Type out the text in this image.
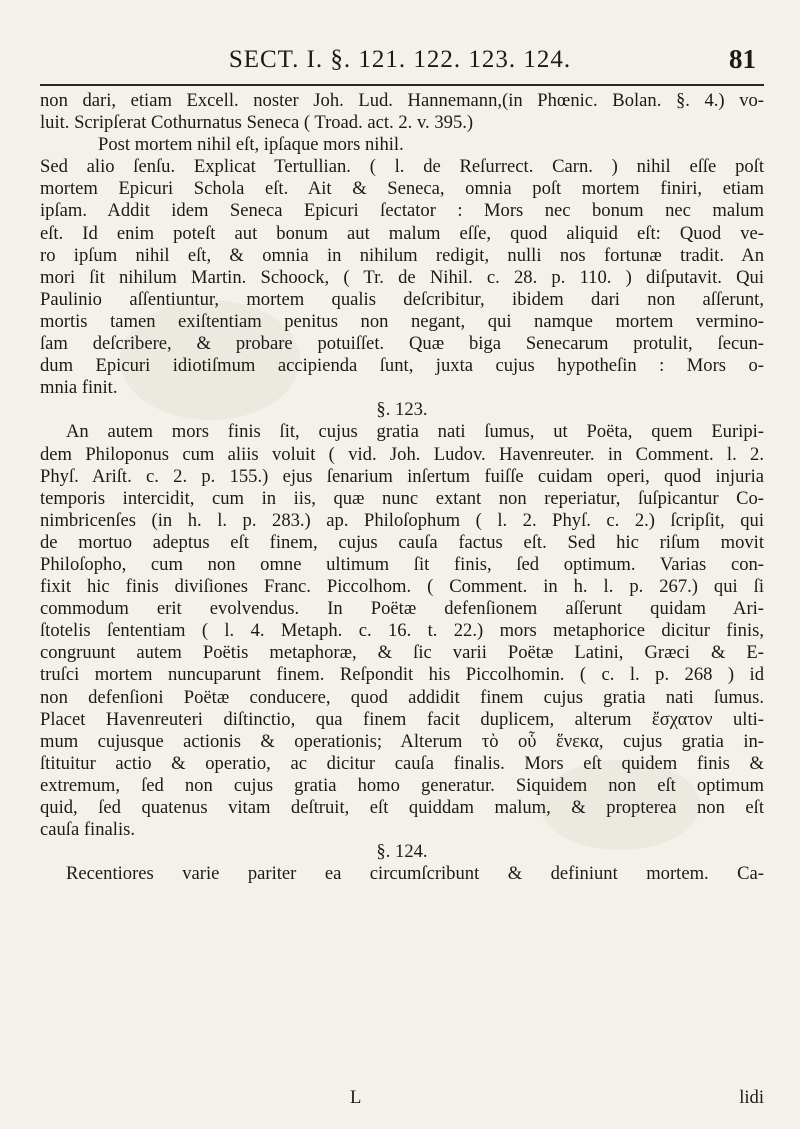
SECT. I. §. 121. 122. 123. 124.	81
non dari, etiam Excell. noster Joh. Lud. Hannemann,(in Phœnic. Bolan. §. 4.) vo-
luit. Scripſerat Cothurnatus Seneca ( Troad. act. 2. v. 395.)
Post mortem nihil eſt, ipſaque mors nihil.
Sed alio ſenſu. Explicat Tertullian. ( l. de Reſurrect. Carn. ) nihil eſſe poſt
mortem Epicuri Schola eſt. Ait & Seneca, omnia poſt mortem finiri, etiam
ipſam. Addit idem Seneca Epicuri ſectator : Mors nec bonum nec malum
eſt. Id enim poteſt aut bonum aut malum eſſe, quod aliquid eſt: Quod ve-
ro ipſum nihil eſt, & omnia in nihilum redigit, nulli nos fortunæ tradit. An
mori ſit nihilum Martin. Schoock, ( Tr. de Nihil. c. 28. p. 110. ) diſputavit. Qui
Paulinio aſſentiuntur, mortem qualis deſcribitur, ibidem dari non aſſerunt,
mortis tamen exiſtentiam penitus non negant, qui namque mortem vermino-
ſam deſcribere, & probare potuiſſet. Quæ biga Senecarum protulit, ſecun-
dum Epicuri idiotiſmum accipienda ſunt, juxta cujus hypotheſin : Mors o-
mnia finit.
§. 123.
An autem mors finis ſit, cujus gratia nati ſumus, ut Poëta, quem Euripi-
dem Philoponus cum aliis voluit ( vid. Joh. Ludov. Havenreuter. in Comment. l. 2.
Phyſ. Ariſt. c. 2. p. 155.) ejus ſenarium inſertum fuiſſe cuidam operi, quod injuria
temporis intercidit, cum in iis, quæ nunc extant non reperiatur, ſuſpicantur Co-
nimbricenſes (in h. l. p. 283.) ap. Philoſophum ( l. 2. Phyſ. c. 2.) ſcripſit, qui
de mortuo adeptus eſt finem, cujus cauſa factus eſt. Sed hic riſum movit
Philoſopho, cum non omne ultimum ſit finis, ſed optimum. Varias con-
fixit hic finis diviſiones Franc. Piccolhom. ( Comment. in h. l. p. 267.) qui ſi
commodum erit evolvendus. In Poëtæ defenſionem aſſerunt quidam Ari-
ſtotelis ſententiam ( l. 4. Metaph. c. 16. t. 22.) mors metaphorice dicitur finis,
congruunt autem Poëtis metaphoræ, & ſic varii Poëtæ Latini, Græci & E-
truſci mortem nuncuparunt finem. Reſpondit his Piccolhomin. ( c. l. p. 268 ) id
non defenſioni Poëtæ conducere, quod addidit finem cujus gratia nati ſumus.
Placet Havenreuteri diſtinctio, qua finem facit duplicem, alterum ἔσχατον ulti-
mum cujusque actionis & operationis; Alterum τὸ οὗ ἕνεκα, cujus gratia in-
ſtituitur actio & operatio, ac dicitur cauſa finalis. Mors eſt quidem finis &
extremum, ſed non cujus gratia homo generatur. Siquidem non eſt optimum
quid, ſed quatenus vitam deſtruit, eſt quiddam malum, & propterea non eſt
cauſa finalis.
§. 124.
Recentiores varie pariter ea circumſcribunt & definiunt mortem. Ca-
L	lidi
